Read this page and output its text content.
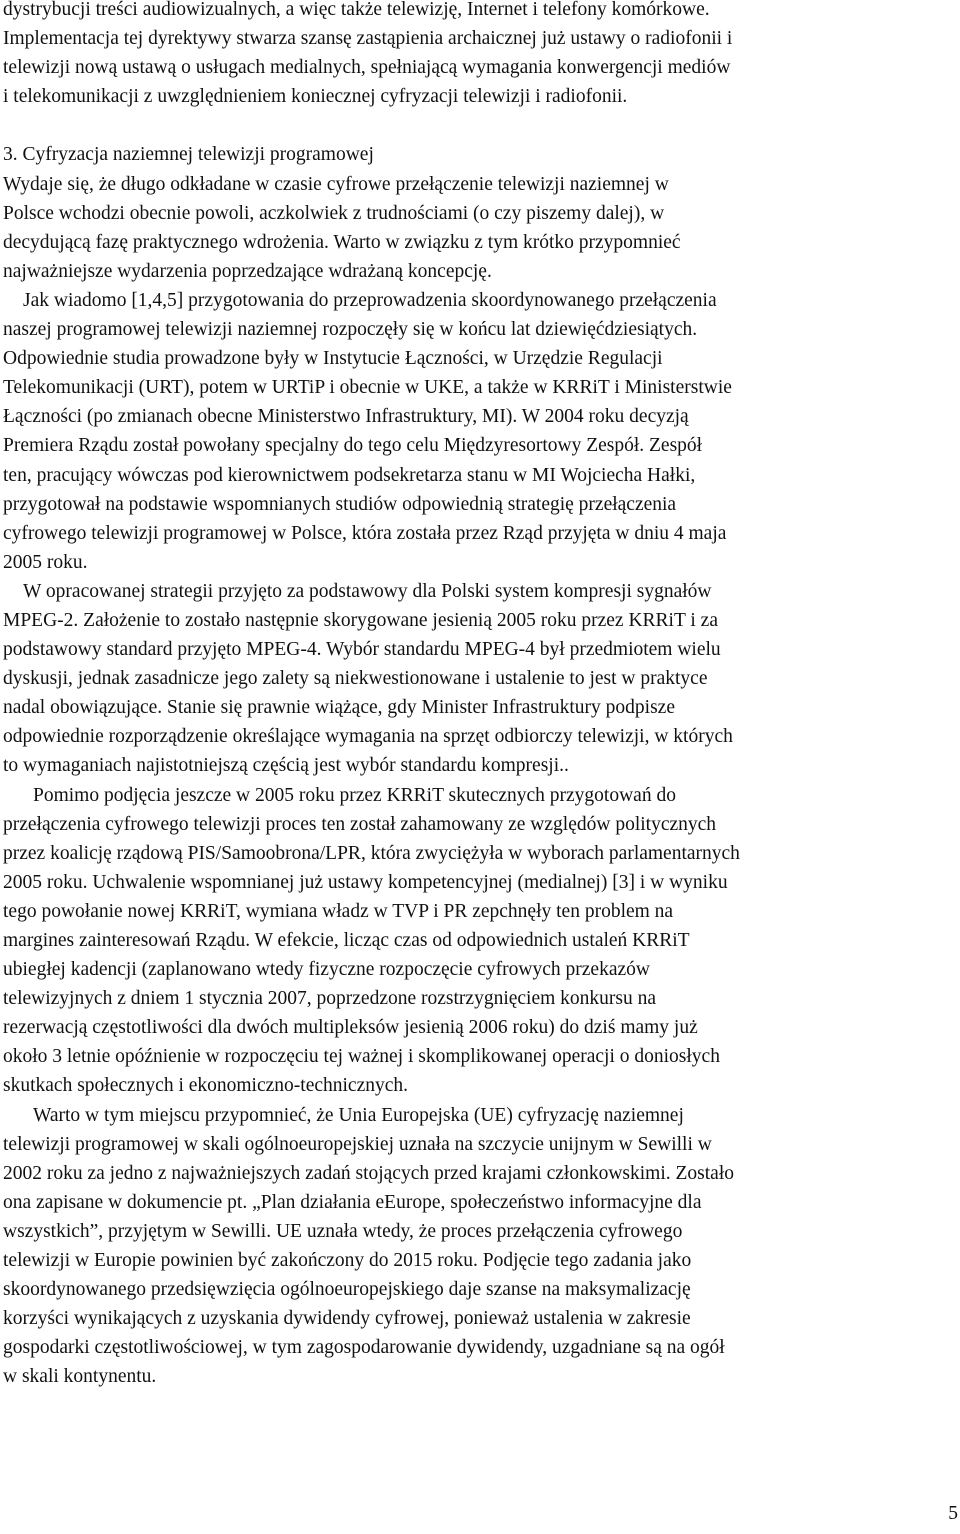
dystrybucji treści audiowizualnych, a więc także telewizję, Internet i telefony komórkowe.
Implementacja tej dyrektywy stwarza szansę zastąpienia archaicznej już ustawy o radiofonii i
telewizji nową ustawą o usługach medialnych, spełniającą wymagania konwergencji mediów
i telekomunikacji z uwzględnieniem koniecznej cyfryzacji telewizji i radiofonii.
3. Cyfryzacja naziemnej telewizji programowej
Wydaje się, że długo odkładane w czasie cyfrowe przełączenie telewizji naziemnej w
Polsce wchodzi obecnie powoli, aczkolwiek z trudnościami (o czy piszemy dalej), w
decydującą fazę praktycznego wdrożenia. Warto w związku z tym krótko przypomnieć
najważniejsze wydarzenia poprzedzające wdrażaną koncepcję.
Jak wiadomo [1,4,5] przygotowania do przeprowadzenia skoordynowanego przełączenia
naszej programowej telewizji naziemnej rozpoczęły się w końcu lat dziewięćdziesiątych.
Odpowiednie studia prowadzone były w Instytucie Łączności, w Urzędzie Regulacji
Telekomunikacji (URT), potem w URTiP i obecnie w UKE, a także w KRRiT i Ministerstwie
Łączności (po zmianach obecne Ministerstwo Infrastruktury, MI). W 2004 roku decyzją
Premiera Rządu został powołany specjalny do tego celu Międzyresortowy Zespół. Zespół
ten, pracujący wówczas pod kierownictwem podsekretarza stanu w MI Wojciecha Hałki,
przygotował na podstawie wspomnianych studiów odpowiednią strategię przełączenia
cyfrowego telewizji programowej w Polsce, która została przez Rząd przyjęta w dniu 4 maja
2005 roku.
W opracowanej strategii przyjęto za podstawowy dla Polski system kompresji sygnałów
MPEG-2. Założenie to zostało następnie skorygowane jesienią 2005 roku przez KRRiT i za
podstawowy standard przyjęto MPEG-4. Wybór standardu MPEG-4 był przedmiotem wielu
dyskusji, jednak zasadnicze jego zalety są niekwestionowane i ustalenie to jest w praktyce
nadal obowiązujące. Stanie się prawnie wiążące, gdy Minister Infrastruktury podpisze
odpowiednie rozporządzenie określające wymagania na sprzęt odbiorczy telewizji, w których
to wymaganiach najistotniejszą częścią jest wybór standardu kompresji..
Pomimo podjęcia jeszcze w 2005 roku przez KRRiT skutecznych przygotowań do
przełączenia cyfrowego telewizji proces ten został zahamowany ze względów politycznych
przez koalicję rządową PIS/Samoobrona/LPR, która zwyciężyła w wyborach parlamentarnych
2005 roku. Uchwalenie wspomnianej już ustawy kompetencyjnej (medialnej) [3] i w wyniku
tego powołanie nowej KRRiT, wymiana władz w TVP i PR zepchnęły ten problem na
margines zainteresowań Rządu. W efekcie, licząc czas od odpowiednich ustaleń KRRiT
ubiegłej kadencji (zaplanowano wtedy fizyczne rozpoczęcie cyfrowych przekazów
telewizyjnych z dniem 1 stycznia 2007, poprzedzone rozstrzygnięciem konkursu na
rezerwacją częstotliwości dla dwóch multipleksów jesienią 2006 roku) do dziś mamy już
około 3 letnie opóźnienie w rozpoczęciu tej ważnej i skomplikowanej operacji o doniosłych
skutkach społecznych i ekonomiczno-technicznych.
Warto w tym miejscu przypomnieć, że Unia Europejska (UE) cyfryzację naziemnej
telewizji programowej w skali ogólnoeuropejskiej uznała na szczycie unijnym w Sewilli w
2002 roku za jedno z najważniejszych zadań stojących przed krajami członkowskimi. Zostało
ona zapisane w dokumencie pt. „Plan działania eEurope, społeczeństwo informacyjne dla
wszystkich”, przyjętym w Sewilli. UE uznała wtedy, że proces przełączenia cyfrowego
telewizji w Europie powinien być zakończony do 2015 roku. Podjęcie tego zadania jako
skoordynowanego przedsięwzięcia ogólnoeuropejskiego daje szanse na maksymalizację
korzyści wynikających z uzyskania dywidendy cyfrowej, ponieważ ustalenia w zakresie
gospodarki częstotliwościowej, w tym zagospodarowanie dywidendy, uzgadniane są na ogół
w skali kontynentu.
5
